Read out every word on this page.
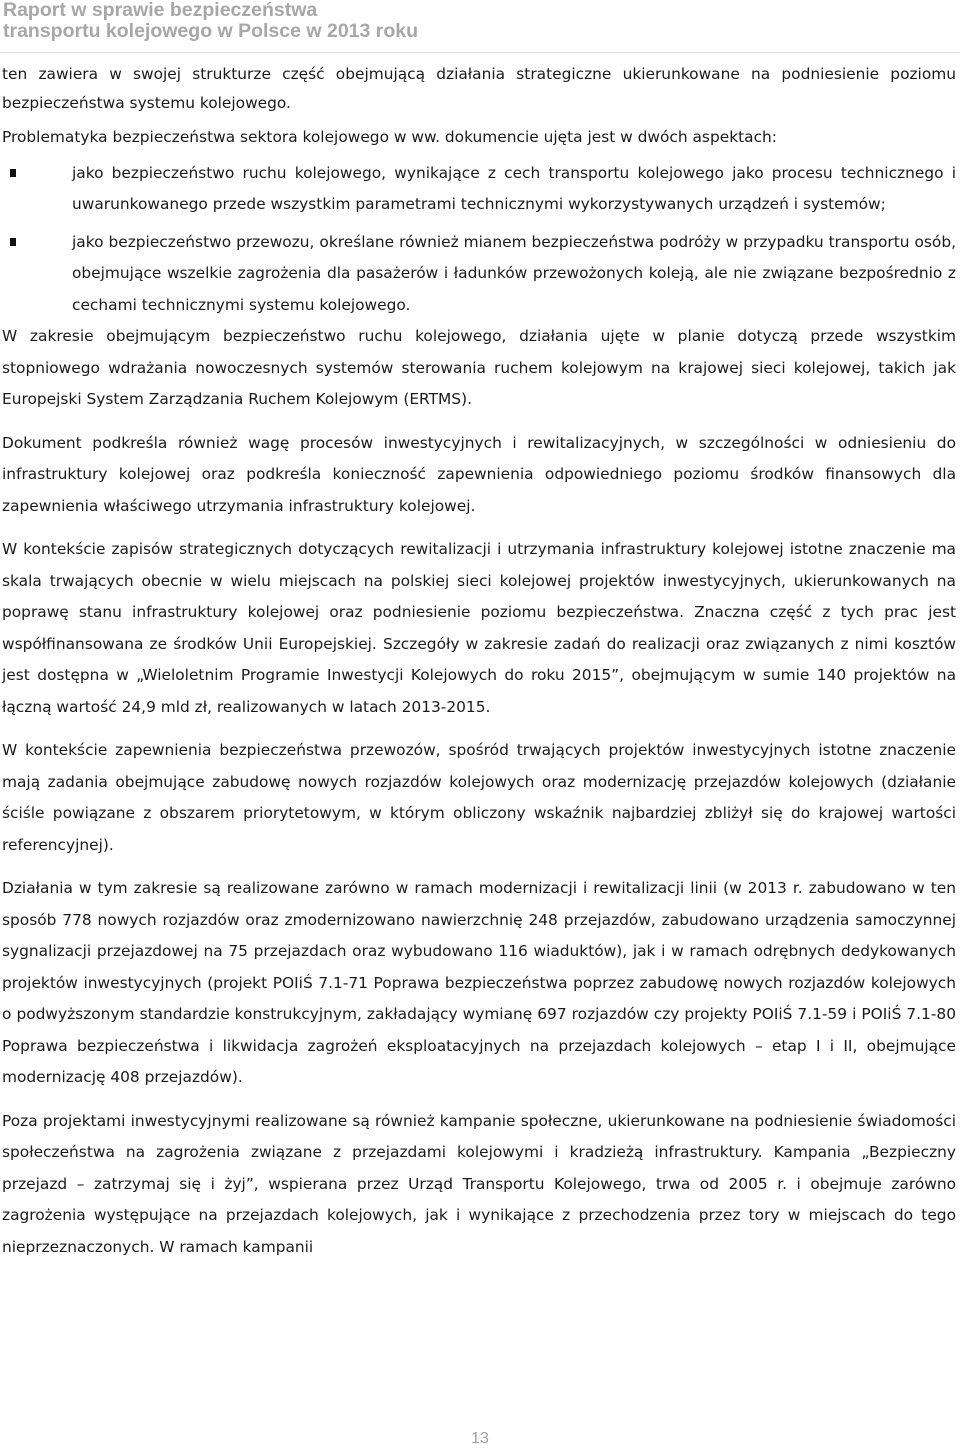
Raport w sprawie bezpieczeństwa
transportu kolejowego w Polsce w 2013 roku

ten zawiera w swojej strukturze część obejmującą działania strategiczne ukierunkowane na podniesienie poziomu bezpieczeństwa systemu kolejowego.

Problematyka bezpieczeństwa sektora kolejowego w ww. dokumencie ujęta jest w dwóch aspektach:

jako bezpieczeństwo ruchu kolejowego, wynikające z cech transportu kolejowego jako procesu technicznego i uwarunkowanego przede wszystkim parametrami technicznymi wykorzystywanych urządzeń i systemów;
jako bezpieczeństwo przewozu, określane również mianem bezpieczeństwa podróży w przypadku transportu osób, obejmujące wszelkie zagrożenia dla pasażerów i ładunków przewożonych koleją, ale nie związane bezpośrednio z cechami technicznymi systemu kolejowego.

W zakresie obejmującym bezpieczeństwo ruchu kolejowego, działania ujęte w planie dotyczą przede wszystkim stopniowego wdrażania nowoczesnych systemów sterowania ruchem kolejowym na krajowej sieci kolejowej, takich jak Europejski System Zarządzania Ruchem Kolejowym (ERTMS).

Dokument podkreśla również wagę procesów inwestycyjnych i rewitalizacyjnych, w szczególności w odniesieniu do infrastruktury kolejowej oraz podkreśla konieczność zapewnienia odpowiedniego poziomu środków finansowych dla zapewnienia właściwego utrzymania infrastruktury kolejowej.

W kontekście zapisów strategicznych dotyczących rewitalizacji i utrzymania infrastruktury kolejowej istotne znaczenie ma skala trwających obecnie w wielu miejscach na polskiej sieci kolejowej projektów inwestycyjnych, ukierunkowanych na poprawę stanu infrastruktury kolejowej oraz podniesienie poziomu bezpieczeństwa. Znaczna część z tych prac jest współfinansowana ze środków Unii Europejskiej. Szczegóły w zakresie zadań do realizacji oraz związanych z nimi kosztów jest dostępna w „Wieloletnim Programie Inwestycji Kolejowych do roku 2015”, obejmującym w sumie 140 projektów na łączną wartość 24,9 mld zł, realizowanych w latach 2013-2015.

W kontekście zapewnienia bezpieczeństwa przewozów, spośród trwających projektów inwestycyjnych istotne znaczenie mają zadania obejmujące zabudowę nowych rozjazdów kolejowych oraz modernizację przejazdów kolejowych (działanie ściśle powiązane z obszarem priorytetowym, w którym obliczony wskaźnik najbardziej zbliżył się do krajowej wartości referencyjnej).

Działania w tym zakresie są realizowane zarówno w ramach modernizacji i rewitalizacji linii (w 2013 r. zabudowano w ten sposób 778 nowych rozjazdów oraz zmodernizowano nawierzchnię 248 przejazdów, zabudowano urządzenia samoczynnej sygnalizacji przejazdowej na 75 przejazdach oraz wybudowano 116 wiaduktów), jak i w ramach odrębnych dedykowanych projektów inwestycyjnych (projekt POIiŚ 7.1-71 Poprawa bezpieczeństwa poprzez zabudowę nowych rozjazdów kolejowych o podwyższonym standardzie konstrukcyjnym, zakładający wymianę 697 rozjazdów czy projekty POIiŚ 7.1-59 i POIiŚ 7.1-80 Poprawa bezpieczeństwa i likwidacja zagrożeń eksploatacyjnych na przejazdach kolejowych – etap I i II, obejmujące modernizację 408 przejazdów).

Poza projektami inwestycyjnymi realizowane są również kampanie społeczne, ukierunkowane na podniesienie świadomości społeczeństwa na zagrożenia związane z przejazdami kolejowymi i kradzieżą infrastruktury. Kampania „Bezpieczny przejazd – zatrzymaj się i żyj”, wspierana przez Urząd Transportu Kolejowego, trwa od 2005 r. i obejmuje zarówno zagrożenia występujące na przejazdach kolejowych, jak i wynikające z przechodzenia przez tory w miejscach do tego nieprzeznaczonych. W ramach kampanii

13
